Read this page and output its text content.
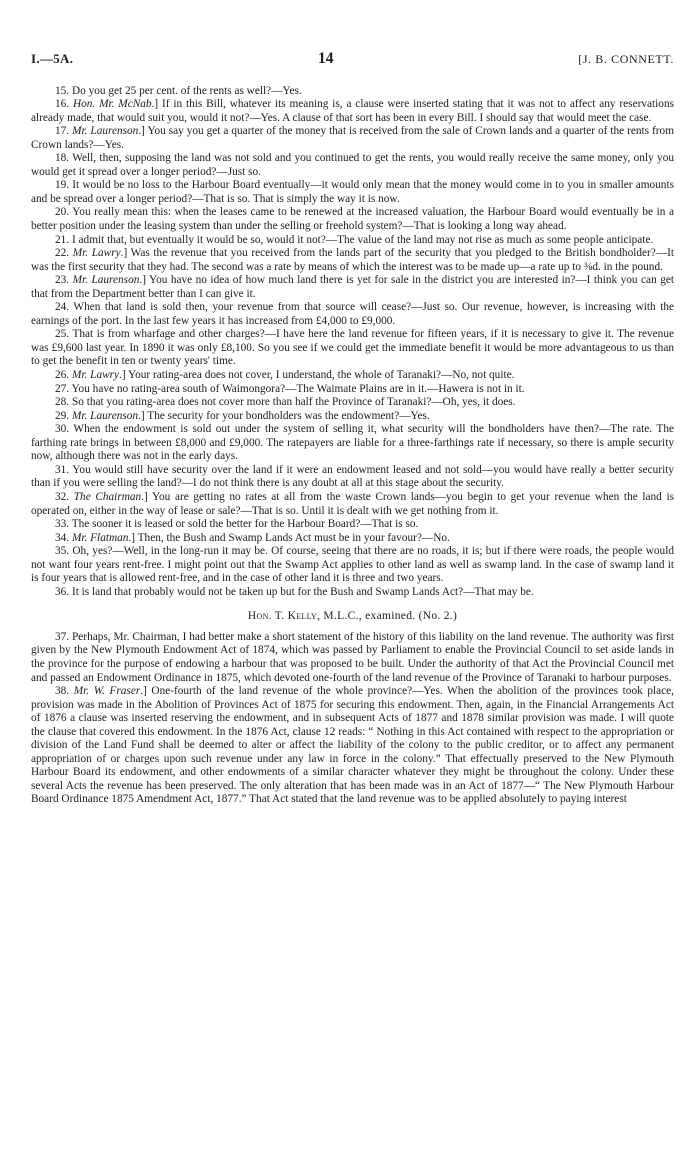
I.—5A.	14	[J. B. CONNETT.

15. Do you get 25 per cent. of the rents as well?—Yes.

16. Hon. Mr. McNab.] If in this Bill, whatever its meaning is, a clause were inserted stating that it was not to affect any reservations already made, that would suit you, would it not?—Yes. A clause of that sort has been in every Bill. I should say that would meet the case.

17. Mr. Laurenson.] You say you get a quarter of the money that is received from the sale of Crown lands and a quarter of the rents from Crown lands?—Yes.

18. Well, then, supposing the land was not sold and you continued to get the rents, you would really receive the same money, only you would get it spread over a longer period?—Just so.

19. It would be no loss to the Harbour Board eventually—it would only mean that the money would come in to you in smaller amounts and be spread over a longer period?—That is so. That is simply the way it is now.

20. You really mean this: when the leases came to be renewed at the increased valuation, the Harbour Board would eventually be in a better position under the leasing system than under the selling or freehold system?—That is looking a long way ahead.

21. I admit that, but eventually it would be so, would it not?—The value of the land may not rise as much as some people anticipate.

22. Mr. Lawry.] Was the revenue that you received from the lands part of the security that you pledged to the British bondholder?—It was the first security that they had. The second was a rate by means of which the interest was to be made up—a rate up to ⅜d. in the pound.

23. Mr. Laurenson.] You have no idea of how much land there is yet for sale in the district you are interested in?—I think you can get that from the Department better than I can give it.

24. When that land is sold then, your revenue from that source will cease?—Just so. Our revenue, however, is increasing with the earnings of the port. In the last few years it has increased from £4,000 to £9,000.

25. That is from wharfage and other charges?—I have here the land revenue for fifteen years, if it is necessary to give it. The revenue was £9,600 last year. In 1890 it was only £8,100. So you see if we could get the immediate benefit it would be more advantageous to us than to get the benefit in ten or twenty years' time.

26. Mr. Lawry.] Your rating-area does not cover, I understand, the whole of Taranaki?—No, not quite.

27. You have no rating-area south of Waimongora?—The Waimate Plains are in it.—Hawera is not in it.

28. So that you rating-area does not cover more than half the Province of Taranaki?—Oh, yes, it does.

29. Mr. Laurenson.] The security for your bondholders was the endowment?—Yes.

30. When the endowment is sold out under the system of selling it, what security will the bondholders have then?—The rate. The farthing rate brings in between £8,000 and £9,000. The ratepayers are liable for a three-farthings rate if necessary, so there is ample security now, although there was not in the early days.

31. You would still have security over the land if it were an endowment leased and not sold—you would have really a better security than if you were selling the land?—I do not think there is any doubt at all at this stage about the security.

32. The Chairman.] You are getting no rates at all from the waste Crown lands—you begin to get your revenue when the land is operated on, either in the way of lease or sale?—That is so. Until it is dealt with we get nothing from it.

33. The sooner it is leased or sold the better for the Harbour Board?—That is so.

34. Mr. Flatman.] Then, the Bush and Swamp Lands Act must be in your favour?—No.

35. Oh, yes?—Well, in the long-run it may be. Of course, seeing that there are no roads, it is; but if there were roads, the people would not want four years rent-free. I might point out that the Swamp Act applies to other land as well as swamp land. In the case of swamp land it is four years that is allowed rent-free, and in the case of other land it is three and two years.

36. It is land that probably would not be taken up but for the Bush and Swamp Lands Act?—That may be.

Hon. T. Kelly, M.L.C., examined. (No. 2.)

37. Perhaps, Mr. Chairman, I had better make a short statement of the history of this liability on the land revenue. The authority was first given by the New Plymouth Endowment Act of 1874, which was passed by Parliament to enable the Provincial Council to set aside lands in the province for the purpose of endowing a harbour that was proposed to be built. Under the authority of that Act the Provincial Council met and passed an Endowment Ordinance in 1875, which devoted one-fourth of the land revenue of the Province of Taranaki to harbour purposes.

38. Mr. W. Fraser.] One-fourth of the land revenue of the whole province?—Yes. When the abolition of the provinces took place, provision was made in the Abolition of Provinces Act of 1875 for securing this endowment. Then, again, in the Financial Arrangements Act of 1876 a clause was inserted reserving the endowment, and in subsequent Acts of 1877 and 1878 similar provision was made. I will quote the clause that covered this endowment. In the 1876 Act, clause 12 reads: “ Nothing in this Act contained with respect to the appropriation or division of the Land Fund shall be deemed to alter or affect the liability of the colony to the public creditor, or to affect any permanent appropriation of or charges upon such revenue under any law in force in the colony.” That effectually preserved to the New Plymouth Harbour Board its endowment, and other endowments of a similar character whatever they might be throughout the colony. Under these several Acts the revenue has been preserved. The only alteration that has been made was in an Act of 1877—“ The New Plymouth Harbour Board Ordinance 1875 Amendment Act, 1877.” That Act stated that the land revenue was to be applied absolutely to paying interest
